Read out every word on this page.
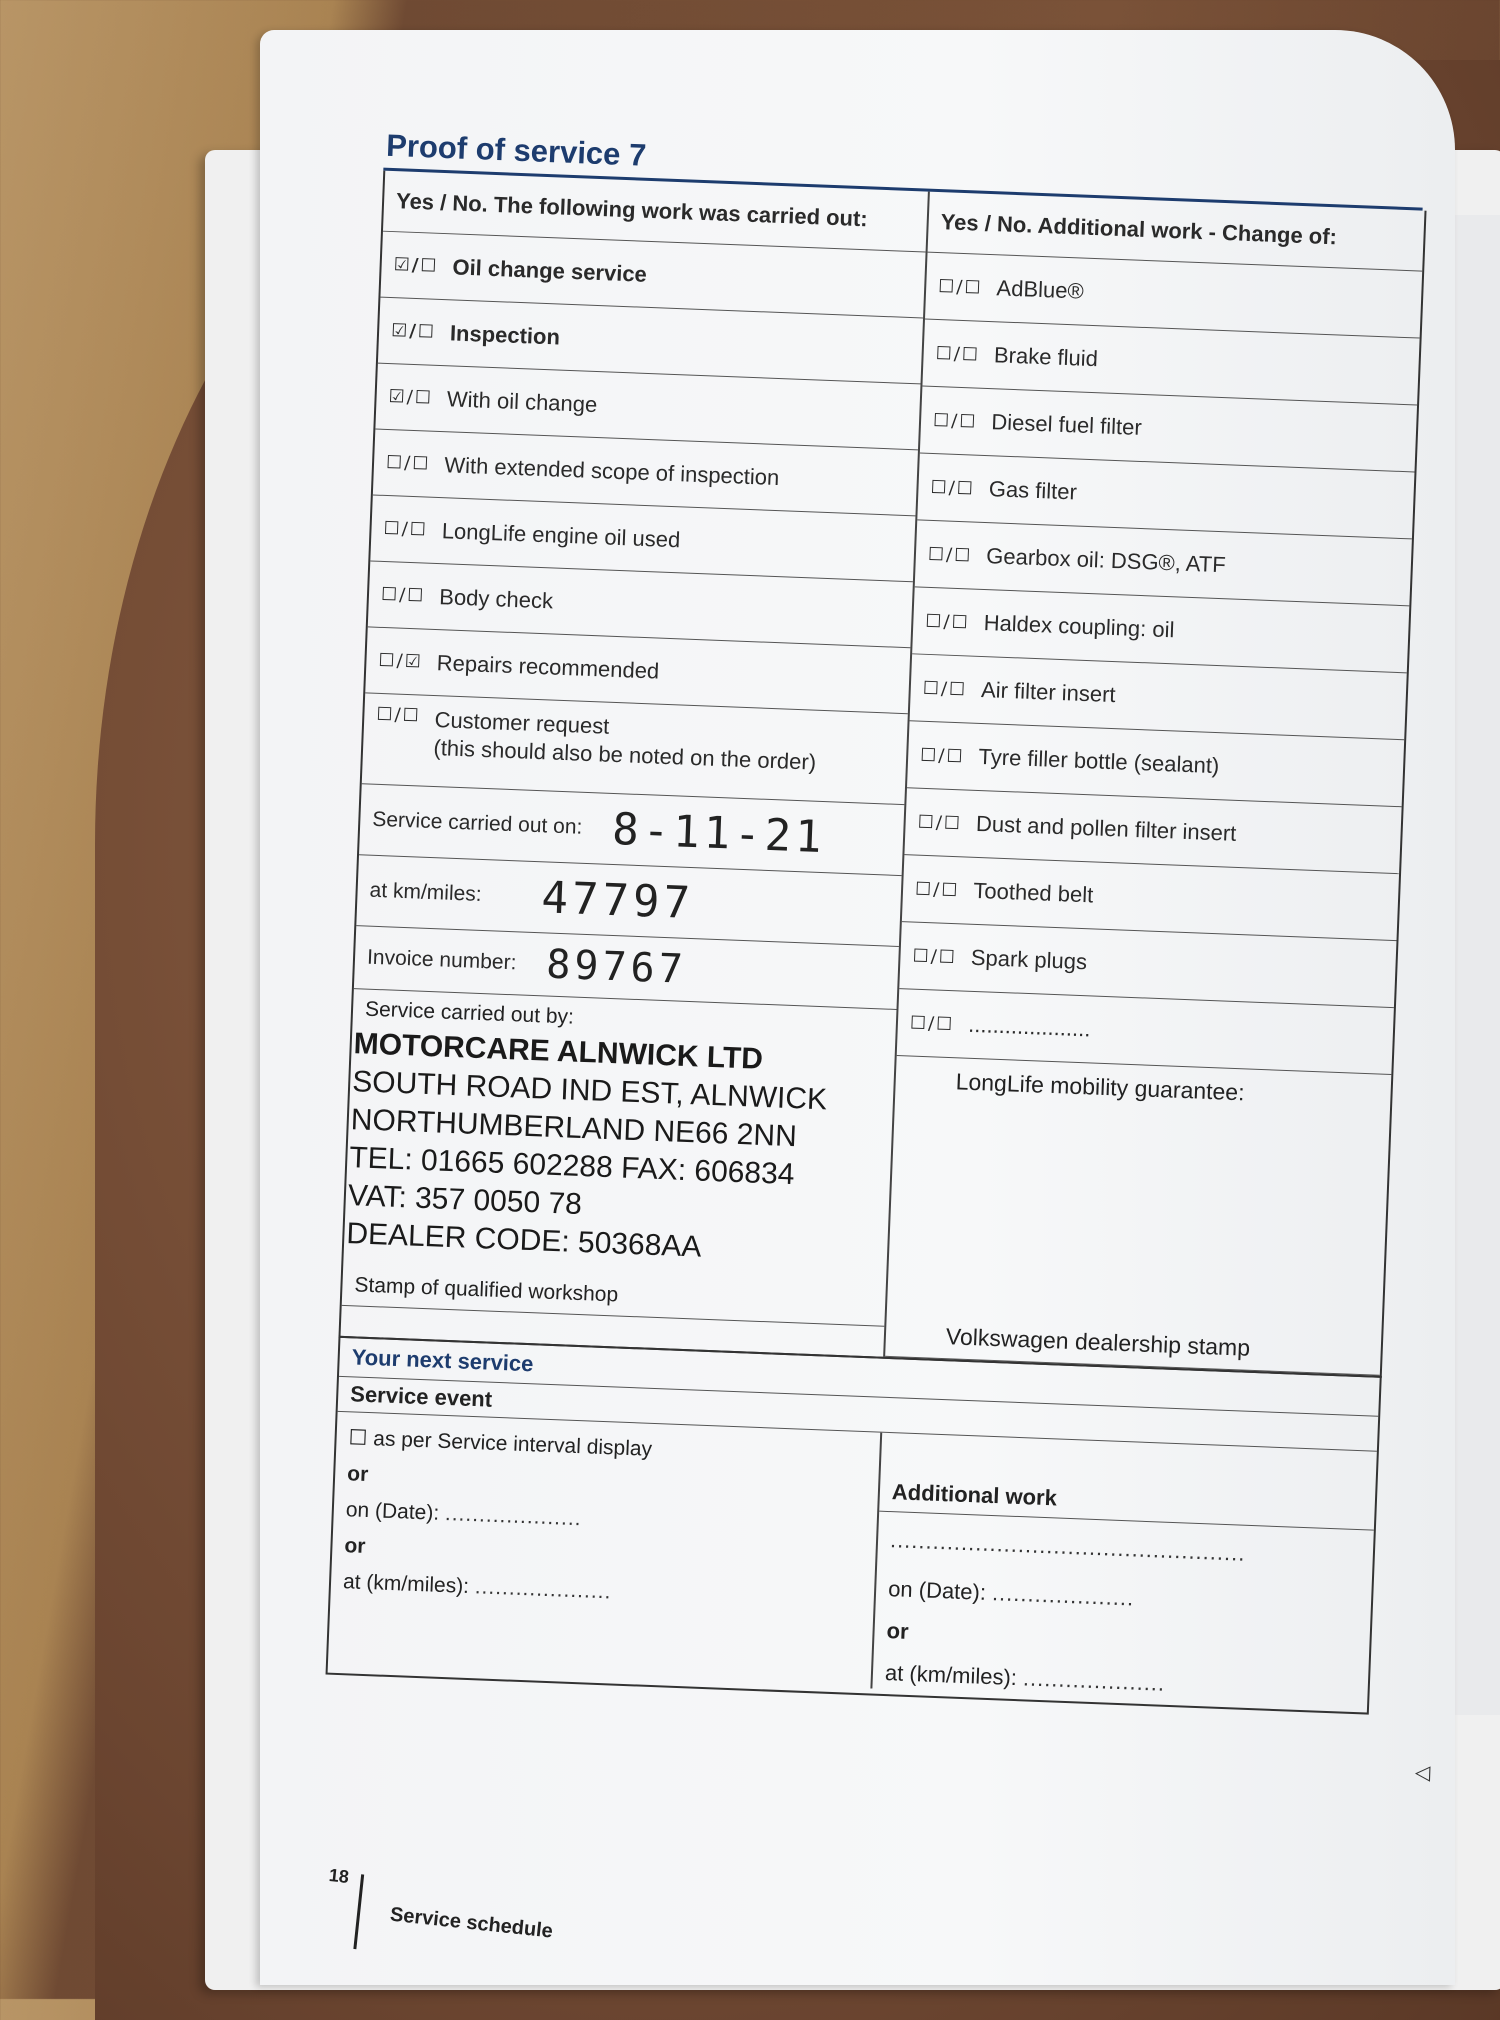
Proof of service 7
Yes / No. The following work was carried out:
☑/☐ Oil change service
☑/☐ Inspection
☑/☐ With oil change
☐/☐ With extended scope of inspection
☐/☐ LongLife engine oil used
☐/☐ Body check
☐/☑ Repairs recommended
☐/☐ Customer request
(this should also be noted on the order)
Service carried out on: 8-11-21
at km/miles: 47797
Invoice number: 89767
Service carried out by:
MOTORCARE ALNWICK LTD
SOUTH ROAD IND EST, ALNWICK
NORTHUMBERLAND NE66 2NN
TEL: 01665 602288 FAX: 606834
VAT: 357 0050 78
DEALER CODE: 50368AA
Stamp of qualified workshop
Yes / No. Additional work - Change of:
☐/☐ AdBlue®
☐/☐ Brake fluid
☐/☐ Diesel fuel filter
☐/☐ Gas filter
☐/☐ Gearbox oil: DSG®, ATF
☐/☐ Haldex coupling: oil
☐/☐ Air filter insert
☐/☐ Tyre filler bottle (sealant)
☐/☐ Dust and pollen filter insert
☐/☐ Toothed belt
☐/☐ Spark plugs
☐/☐ ....................
LongLife mobility guarantee:
Volkswagen dealership stamp
Your next service
Service event
☐ as per Service interval display
or
on (Date): ....................
or
at (km/miles): ....................
Additional work
..................................................
on (Date): ....................
or
at (km/miles): ....................
◁
18
Service schedule
